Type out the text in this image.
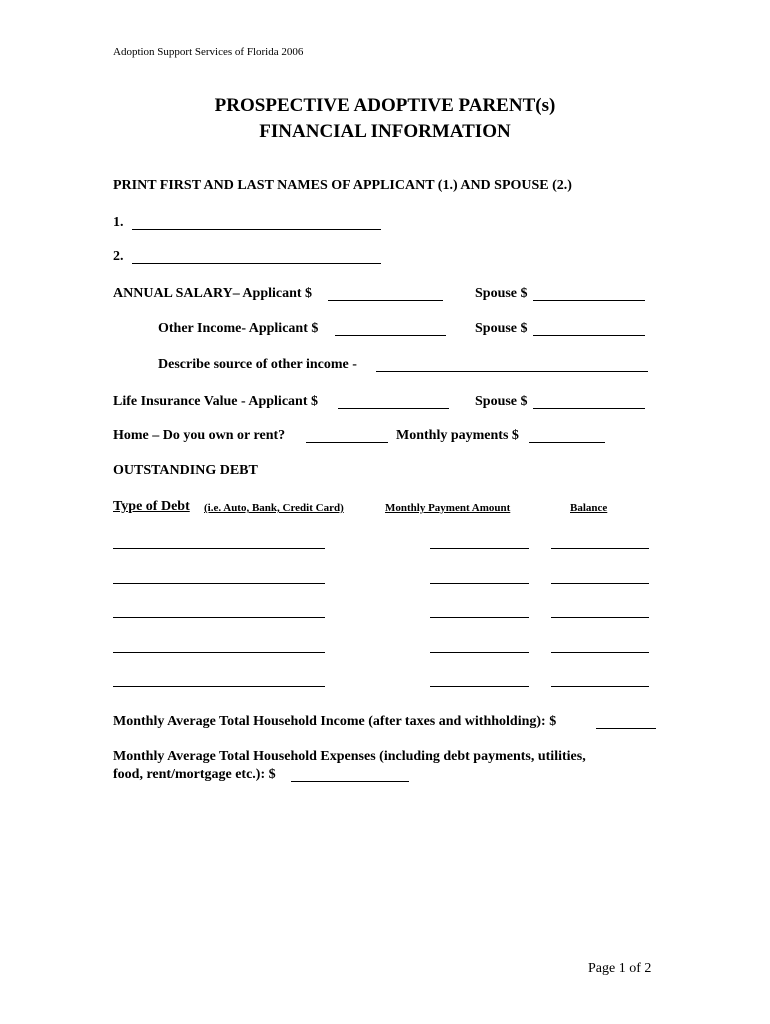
Adoption Support Services of Florida 2006
PROSPECTIVE ADOPTIVE PARENT(s)
FINANCIAL INFORMATION
PRINT FIRST AND LAST NAMES OF APPLICANT (1.) AND SPOUSE (2.)
1.
2.
ANNUAL SALARY– Applicant $	Spouse $
Other Income- Applicant $	Spouse $
Describe source of other income -
Life Insurance Value - Applicant $	Spouse $
Home – Do you own or rent?	Monthly payments $
OUTSTANDING DEBT
Type of Debt (i.e. Auto, Bank, Credit Card)	Monthly Payment Amount	Balance
Monthly Average Total Household Income (after taxes and withholding): $
Monthly Average Total Household Expenses (including debt payments, utilities,
food, rent/mortgage etc.): $
Page 1 of 2
